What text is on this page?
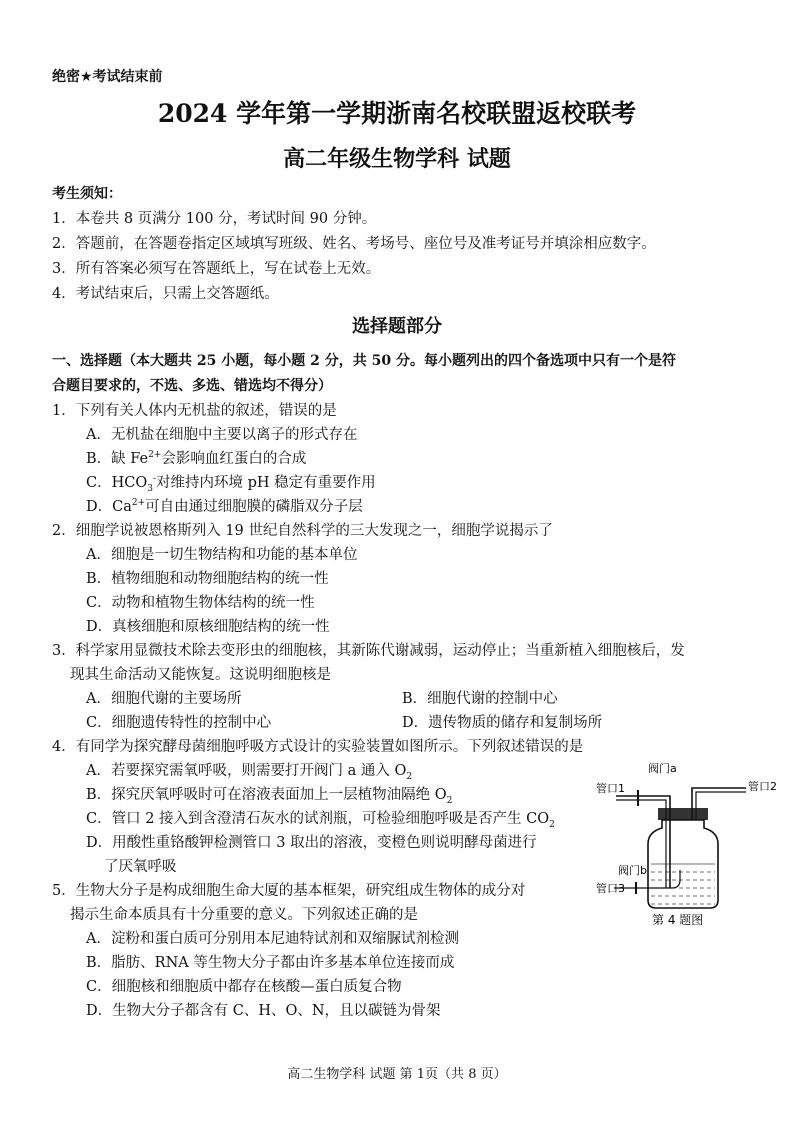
绝密★考试结束前
2024 学年第一学期浙南名校联盟返校联考
高二年级生物学科 试题
考生须知：
1．本卷共 8 页满分 100 分，考试时间 90 分钟。
2．答题前，在答题卷指定区域填写班级、姓名、考场号、座位号及准考证号并填涂相应数字。
3．所有答案必须写在答题纸上，写在试卷上无效。
4．考试结束后，只需上交答题纸。
选择题部分
一、选择题（本大题共 25 小题，每小题 2 分，共 50 分。每小题列出的四个备选项中只有一个是符
合题目要求的，不选、多选、错选均不得分）
1．下列有关人体内无机盐的叙述，错误的是
A．无机盐在细胞中主要以离子的形式存在
B．缺 $Fe^{2+}$会影响血红蛋白的合成
C．$HCO_3^-$对维持内环境 pH 稳定有重要作用
D．$Ca^{2+}$可自由通过细胞膜的磷脂双分子层
2．细胞学说被恩格斯列入 19 世纪自然科学的三大发现之一，细胞学说揭示了
A．细胞是一切生物结构和功能的基本单位
B．植物细胞和动物细胞结构的统一性
C．动物和植物生物体结构的统一性
D．真核细胞和原核细胞结构的统一性
3．科学家用显微技术除去变形虫的细胞核，其新陈代谢减弱，运动停止；当重新植入细胞核后，发
现其生命活动又能恢复。这说明细胞核是
A．细胞代谢的主要场所	B．细胞代谢的控制中心
C．细胞遗传特性的控制中心	D．遗传物质的储存和复制场所
4．有同学为探究酵母菌细胞呼吸方式设计的实验装置如图所示。下列叙述错误的是
A．若要探究需氧呼吸，则需要打开阀门 a 通入 $O_2$
B．探究厌氧呼吸时可在溶液表面加上一层植物油隔绝 $O_2$
C．管口 2 接入到含澄清石灰水的试剂瓶，可检验细胞呼吸是否产生 $CO_2$
D．用酸性重铬酸钾检测管口 3 取出的溶液，变橙色则说明酵母菌进行
了厌氧呼吸
阀门a
管口1	管口2
阀门b
管口3
第 4 题图
5．生物大分子是构成细胞生命大厦的基本框架，研究组成生物体的成分对
揭示生命本质具有十分重要的意义。下列叙述正确的是
A．淀粉和蛋白质可分别用本尼迪特试剂和双缩脲试剂检测
B．脂肪、RNA 等生物大分子都由许多基本单位连接而成
C．细胞核和细胞质中都存在核酸—蛋白质复合物
D．生物大分子都含有 C、H、O、N，且以碳链为骨架
高二生物学科 试题 第 1页（共 8 页）
